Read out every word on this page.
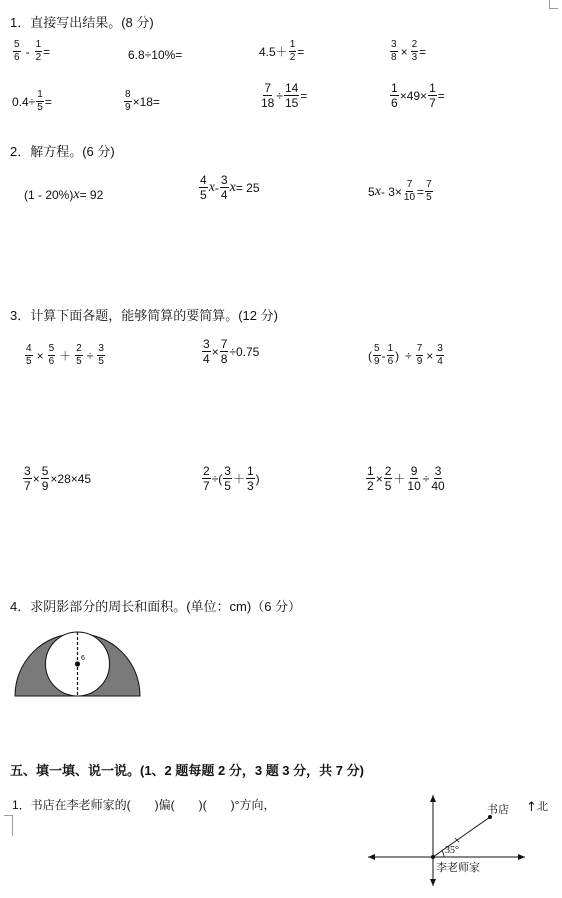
1．直接写出结果。(8 分)
$\frac{5}{6} - \frac{1}{2}$ =	6.8÷10%=	$4.5+ \frac{1}{2}$ =	$\frac{3}{8} \times \frac{2}{3}$ =
$0.4\div \frac{1}{5}$ =	$\frac{8}{9} \times 18=$	$\frac{7}{18} \div \frac{14}{15}$ =	$\frac{1}{6} \times 49\times \frac{1}{7}$ =
2．解方程。(6 分)
(1 - 20%) x = 92	$\frac{4}{5}$ x - $\frac{3}{4}$ x = 25	5 $x - 3\times \frac{7}{10} = \frac{7}{5}$
3．计算下面各题，能够简算的要简算。(12 分)
$\frac{4}{5} \times \frac{5}{6} + \frac{2}{5} \div \frac{3}{5}$	$\frac{3}{4} \times \frac{7}{8} \div 0.75$	( $\frac{5}{9} - \frac{1}{6}$ ) ÷ $\frac{7}{9} \times \frac{3}{4}$
$\frac{3}{7} \times \frac{5}{9} \times 28\times 45$	$\frac{2}{7}$ ÷( $\frac{3}{5} + \frac{1}{3}$ )	$\frac{1}{2} \times \frac{2}{5} + \frac{9}{10} \div \frac{3}{40}$
4．求阴影部分的周长和面积。(单位：cm)（6 分）
6
五、填一填、说一说。(1、2 题每题 2 分，3 题 3 分，共 7 分)
1．书店在李老师家的(　　)偏(　　)(　　)°方向，	书店 ↑ 北
35°
李老师家
